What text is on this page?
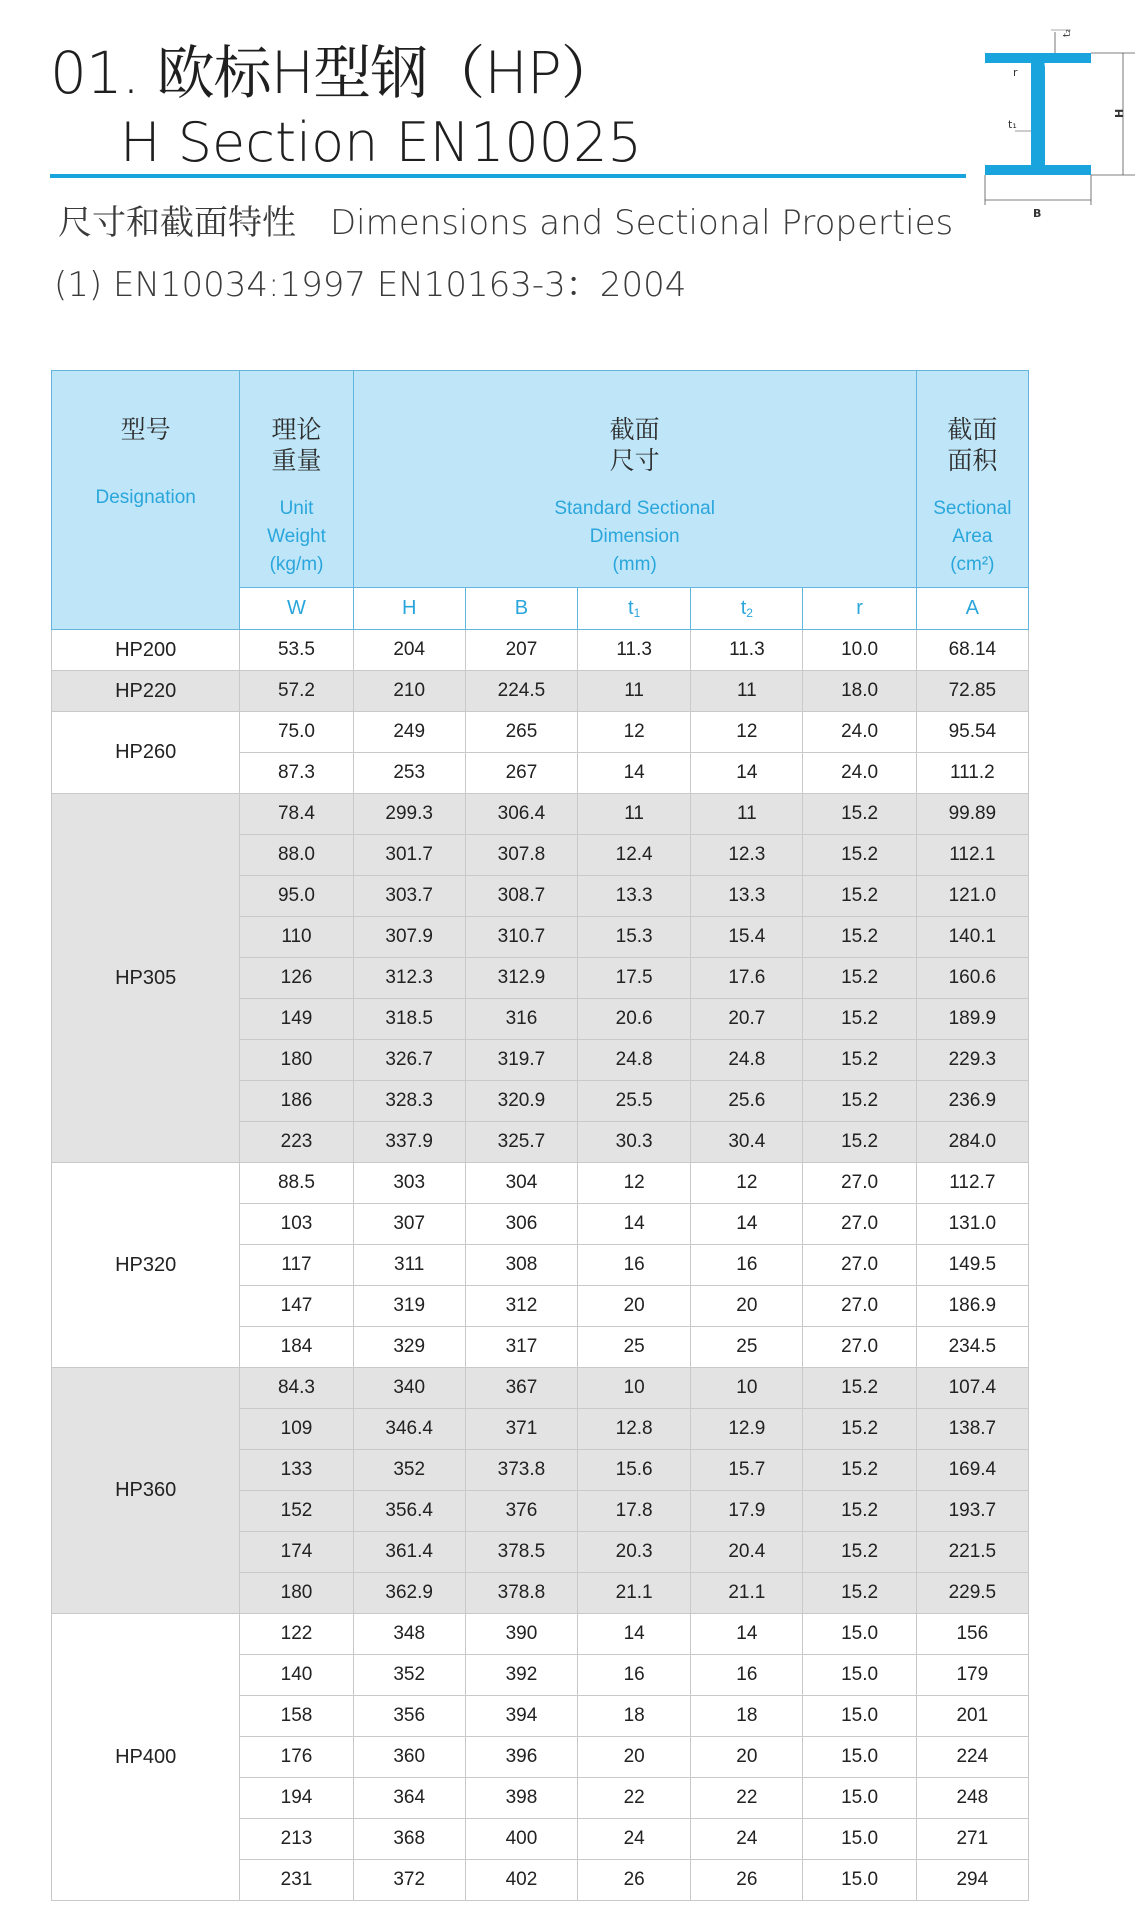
01. 欧标H型钢（HP）
H Section EN10025
尺寸和截面特性 Dimensions and Sectional Properties
(1) EN10034:1997 EN10163-3：2004
t₂
r
t₁
H
B
型号
Designation	理论
重量
Unit
Weight
(kg/m)	截面
尺寸
Standard Sectional
Dimension
(mm)					截面
面积
Sectional
Area
(cm²)

	W	H	B	$t_1$	$t_2$	r	A
HP200	53.5	204	207	11.3	11.3	10.0	68.14
HP220	57.2	210	224.5	11	11	18.0	72.85
HP260	75.0	249	265	12	12	24.0	95.54
	87.3	253	267	14	14	24.0	111.2
HP305	78.4	299.3	306.4	11	11	15.2	99.89
	88.0	301.7	307.8	12.4	12.3	15.2	112.1
	95.0	303.7	308.7	13.3	13.3	15.2	121.0
	110	307.9	310.7	15.3	15.4	15.2	140.1
	126	312.3	312.9	17.5	17.6	15.2	160.6
	149	318.5	316	20.6	20.7	15.2	189.9
	180	326.7	319.7	24.8	24.8	15.2	229.3
	186	328.3	320.9	25.5	25.6	15.2	236.9
	223	337.9	325.7	30.3	30.4	15.2	284.0
HP320	88.5	303	304	12	12	27.0	112.7
	103	307	306	14	14	27.0	131.0
	117	311	308	16	16	27.0	149.5
	147	319	312	20	20	27.0	186.9
	184	329	317	25	25	27.0	234.5
HP360	84.3	340	367	10	10	15.2	107.4
	109	346.4	371	12.8	12.9	15.2	138.7
	133	352	373.8	15.6	15.7	15.2	169.4
	152	356.4	376	17.8	17.9	15.2	193.7
	174	361.4	378.5	20.3	20.4	15.2	221.5
	180	362.9	378.8	21.1	21.1	15.2	229.5
HP400	122	348	390	14	14	15.0	156
	140	352	392	16	16	15.0	179
	158	356	394	18	18	15.0	201
	176	360	396	20	20	15.0	224
	194	364	398	22	22	15.0	248
	213	368	400	24	24	15.0	271
	231	372	402	26	26	15.0	294
